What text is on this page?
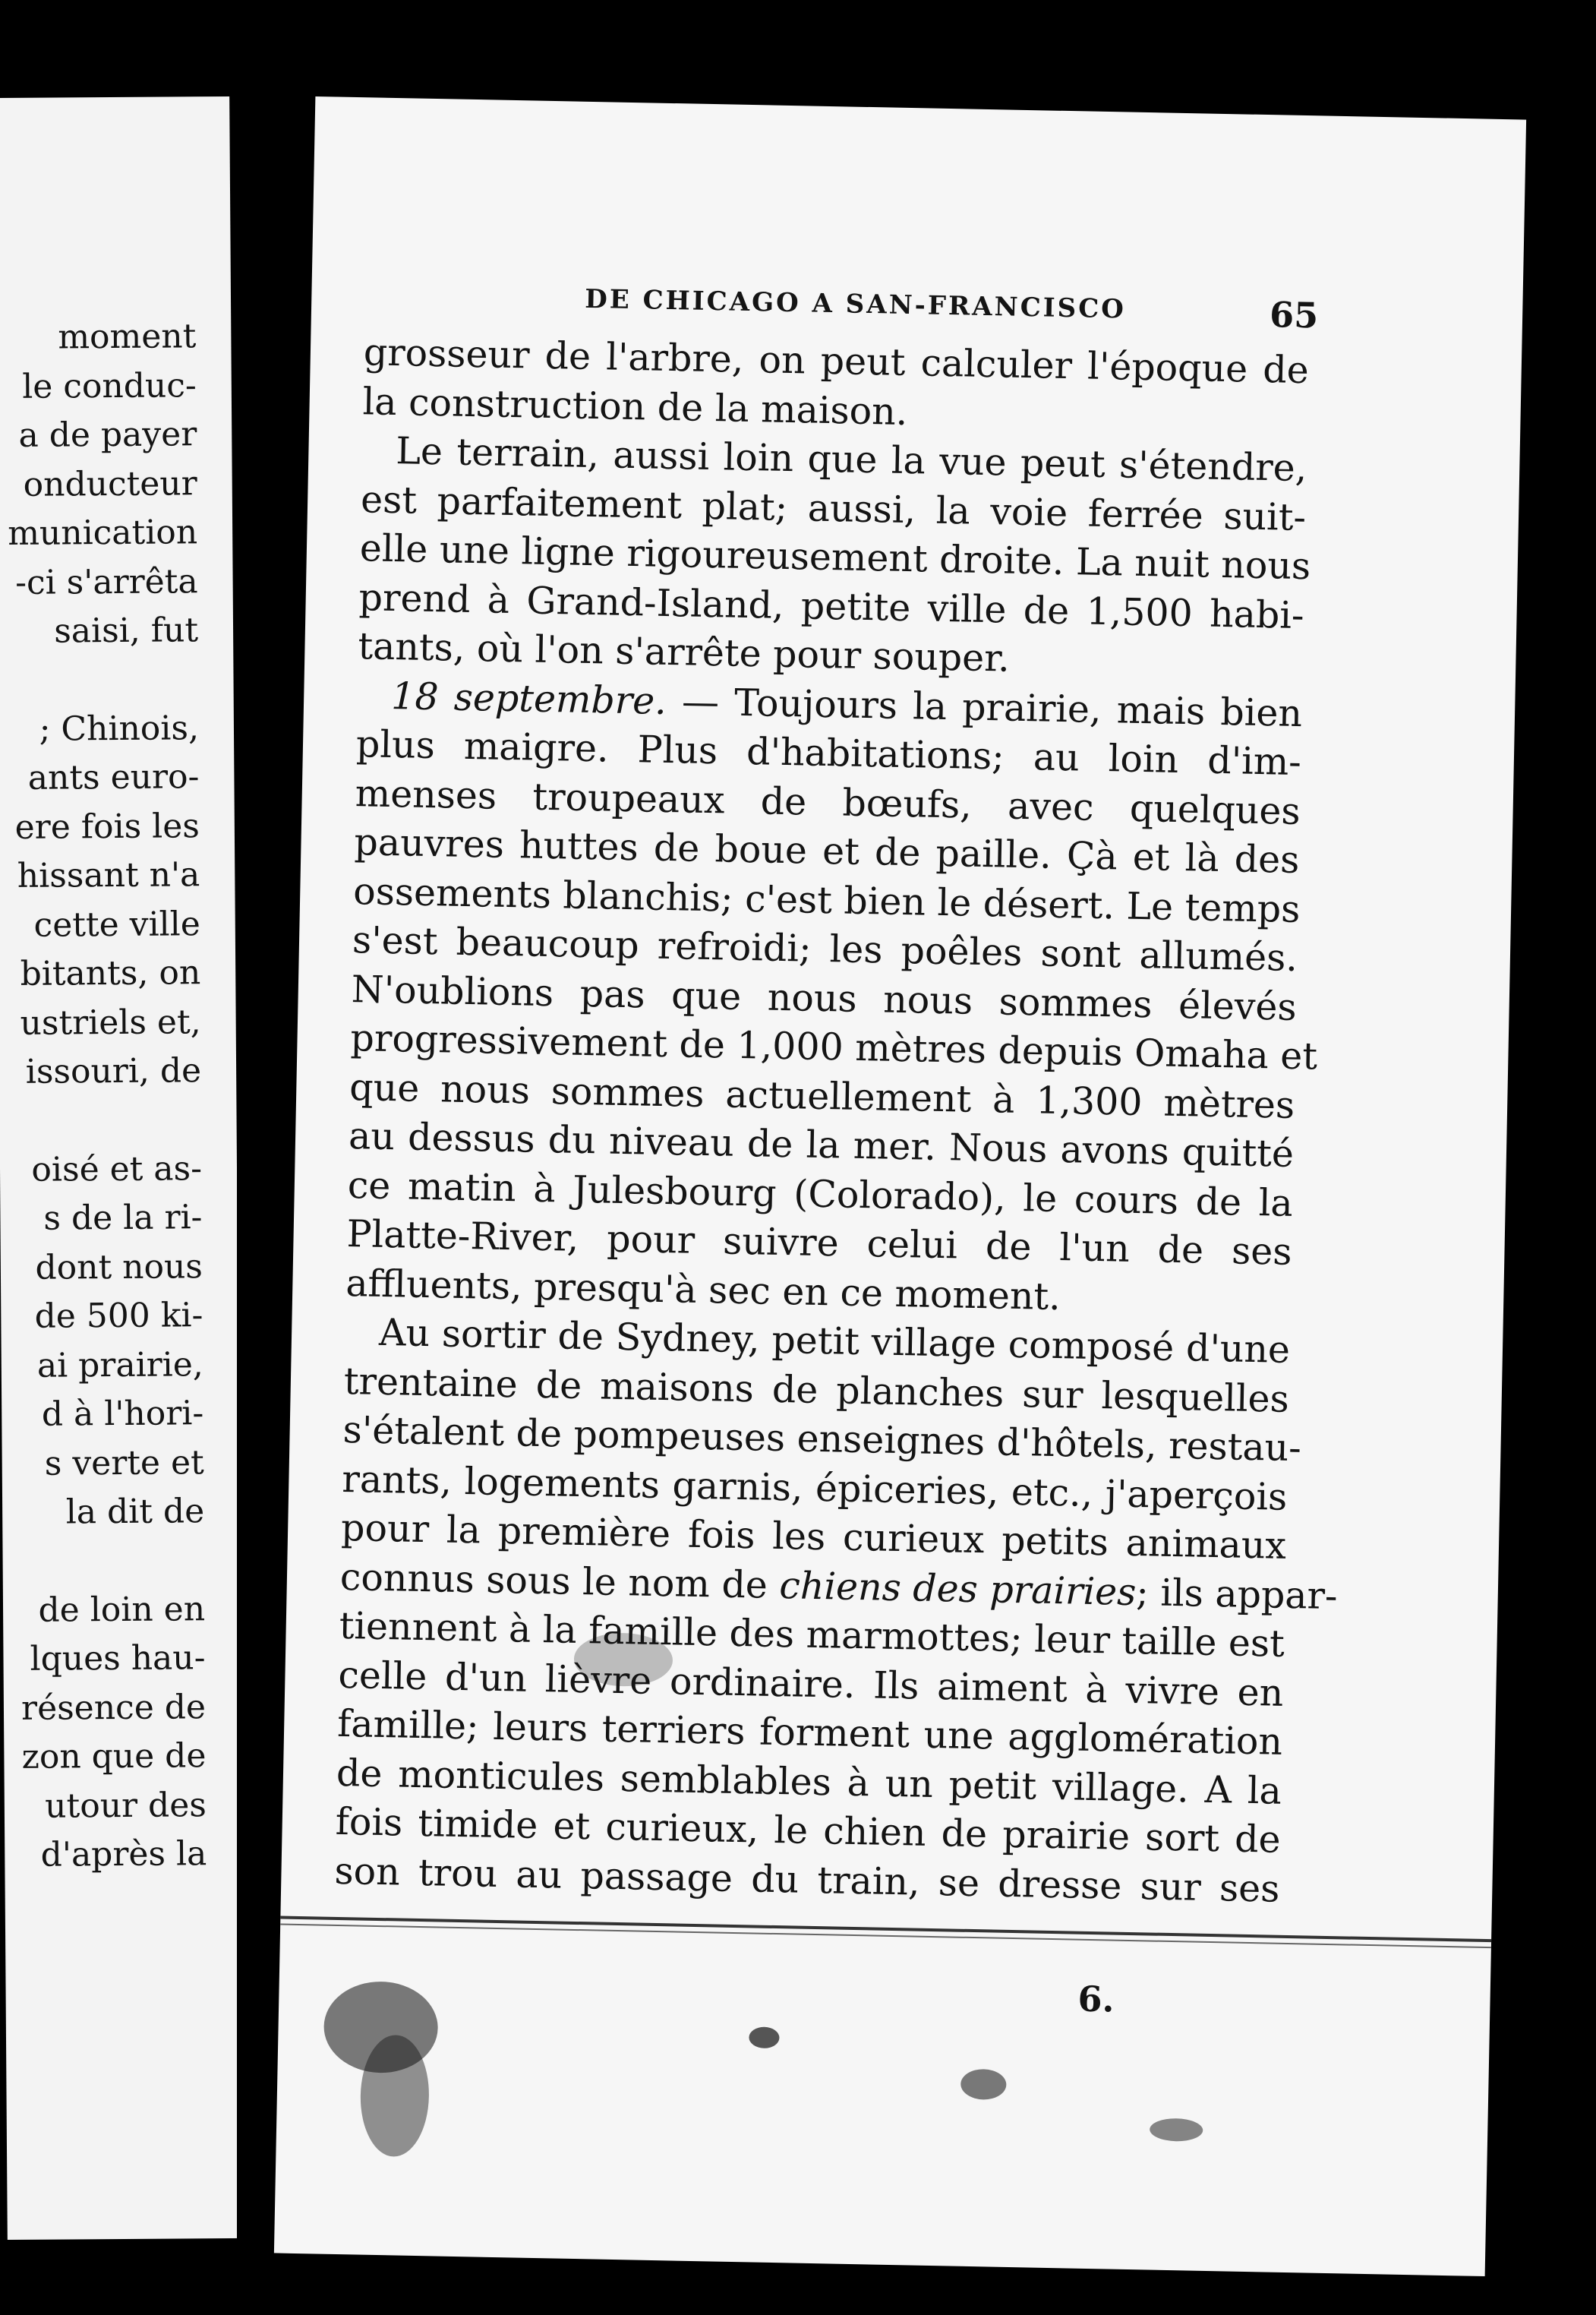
moment
le conduc-
a de payer
onducteur
munication
-ci s'arrêta
saisi, fut
; Chinois,
ants euro-
ere fois les
hissant n'a
cette ville
bitants, on
ustriels et,
issouri, de
oisé et as-
s de la ri-
dont nous
de 500 ki-
ai prairie,
d à l'hori-
s verte et
la dit de
de loin en
lques hau-
résence de
zon que de
utour des
d'après la
DE CHICAGO A SAN-FRANCISCO	65
grosseur de l'arbre, on peut calculer l'époque de
la construction de la maison.
Le terrain, aussi loin que la vue peut s'étendre,
est parfaitement plat; aussi, la voie ferrée suit-
elle une ligne rigoureusement droite. La nuit nous
prend à Grand-Island, petite ville de 1,500 habi-
tants, où l'on s'arrête pour souper.
18 septembre. — Toujours la prairie, mais bien
plus maigre. Plus d'habitations; au loin d'im-
menses troupeaux de bœufs, avec quelques
pauvres huttes de boue et de paille. Çà et là des
ossements blanchis; c'est bien le désert. Le temps
s'est beaucoup refroidi; les poêles sont allumés.
N'oublions pas que nous nous sommes élevés
progressivement de 1,000 mètres depuis Omaha et
que nous sommes actuellement à 1,300 mètres
au dessus du niveau de la mer. Nous avons quitté
ce matin à Julesbourg (Colorado), le cours de la
Platte-River, pour suivre celui de l'un de ses
affluents, presqu'à sec en ce moment.
Au sortir de Sydney, petit village composé d'une
trentaine de maisons de planches sur lesquelles
s'étalent de pompeuses enseignes d'hôtels, restau-
rants, logements garnis, épiceries, etc., j'aperçois
pour la première fois les curieux petits animaux
connus sous le nom de chiens des prairies; ils appar-
tiennent à la famille des marmottes; leur taille est
celle d'un lièvre ordinaire. Ils aiment à vivre en
famille; leurs terriers forment une agglomération
de monticules semblables à un petit village. A la
fois timide et curieux, le chien de prairie sort de
son trou au passage du train, se dresse sur ses
6.
